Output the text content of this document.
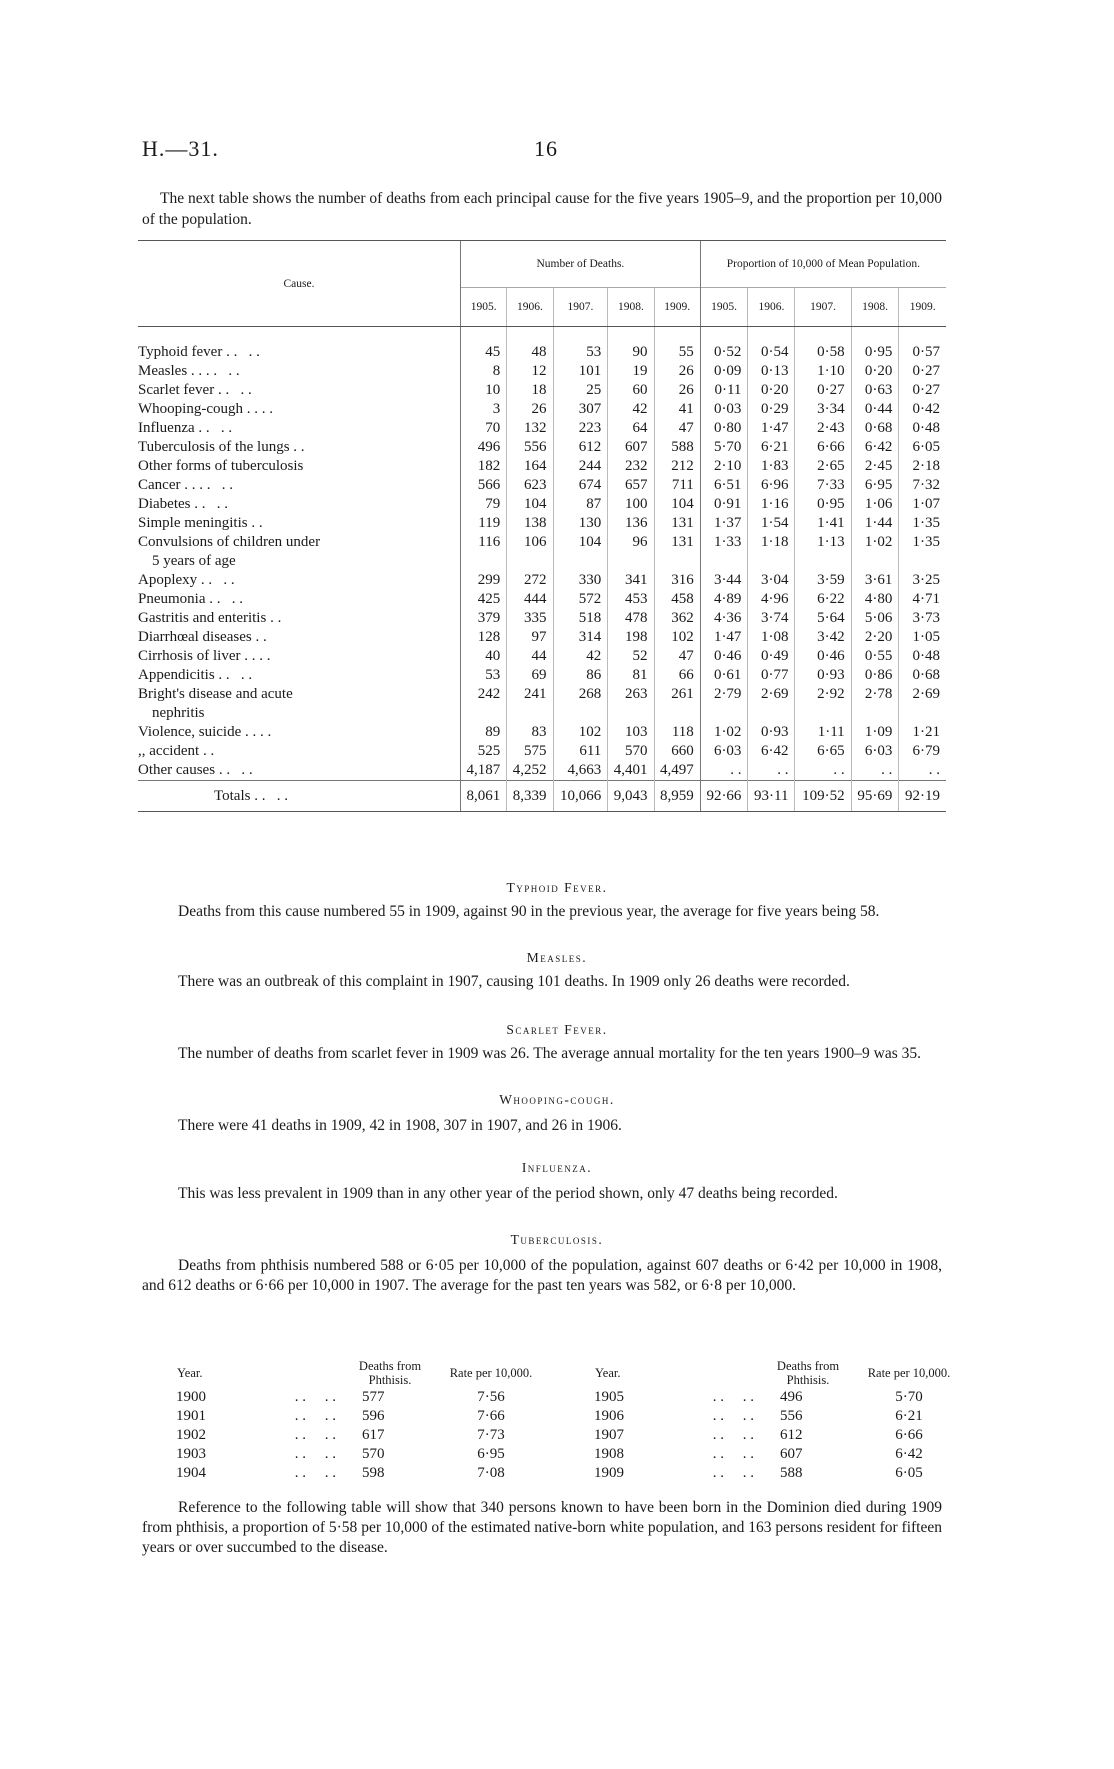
H.—31.	16
The next table shows the number of deaths from each principal cause for the five years 1905–9, and the proportion per 10,000 of the population.
Cause.	Number of Deaths.					Proportion of 10,000 of Mean Population.				
	1905.	1906.	1907.	1908.	1909.	1905.	1906.	1907.	1908.	1909.
Typhoid fever . .   . .	45	48	53	90	55	0·52	0·54	0·58	0·95	0·57
Measles . . . .   . .	8	12	101	19	26	0·09	0·13	1·10	0·20	0·27
Scarlet fever . .   . .	10	18	25	60	26	0·11	0·20	0·27	0·63	0·27
Whooping-cough . . . .	3	26	307	42	41	0·03	0·29	3·34	0·44	0·42
Influenza . .   . .	70	132	223	64	47	0·80	1·47	2·43	0·68	0·48
Tuberculosis of the lungs . .	496	556	612	607	588	5·70	6·21	6·66	6·42	6·05
Other forms of tuberculosis	182	164	244	232	212	2·10	1·83	2·65	2·45	2·18
Cancer . . . .   . .	566	623	674	657	711	6·51	6·96	7·33	6·95	7·32
Diabetes . .   . .	79	104	87	100	104	0·91	1·16	0·95	1·06	1·07
Simple meningitis . .	119	138	130	136	131	1·37	1·54	1·41	1·44	1·35
Convulsions of children under
5 years of age	116	106	104	96	131	1·33	1·18	1·13	1·02	1·35
Apoplexy . .   . .	299	272	330	341	316	3·44	3·04	3·59	3·61	3·25
Pneumonia . .   . .	425	444	572	453	458	4·89	4·96	6·22	4·80	4·71
Gastritis and enteritis . .	379	335	518	478	362	4·36	3·74	5·64	5·06	3·73
Diarrhœal diseases . .	128	97	314	198	102	1·47	1·08	3·42	2·20	1·05
Cirrhosis of liver . . . .	40	44	42	52	47	0·46	0·49	0·46	0·55	0·48
Appendicitis . .   . .	53	69	86	81	66	0·61	0·77	0·93	0·86	0·68
Bright's disease and acute
nephritis	242	241	268	263	261	2·79	2·69	2·92	2·78	2·69
Violence, suicide . . . .	89	83	102	103	118	1·02	0·93	1·11	1·09	1·21
,, accident . .	525	575	611	570	660	6·03	6·42	6·65	6·03	6·79
Other causes . .   . .	4,187	4,252	4,663	4,401	4,497	. .	. .	. .	. .	. .
Totals . .   . .	8,061	8,339	10,066	9,043	8,959	92·66	93·11	109·52	95·69	92·19
Typhoid Fever.
Deaths from this cause numbered 55 in 1909, against 90 in the previous year, the average for five years being 58.
Measles.
There was an outbreak of this complaint in 1907, causing 101 deaths. In 1909 only 26 deaths were recorded.
Scarlet Fever.
The number of deaths from scarlet fever in 1909 was 26. The average annual mortality for the ten years 1900–9 was 35.
Whooping-cough.
There were 41 deaths in 1909, 42 in 1908, 307 in 1907, and 26 in 1906.
Influenza.
This was less prevalent in 1909 than in any other year of the period shown, only 47 deaths being recorded.
Tuberculosis.
Deaths from phthisis numbered 588 or 6·05 per 10,000 of the population, against 607 deaths or 6·42 per 10,000 in 1908, and 612 deaths or 6·66 per 10,000 in 1907. The average for the past ten years was 582, or 6·8 per 10,000.
Year.		Deaths from Phthisis.	Rate per 10,000.		Year.		Deaths from Phthisis.	Rate per 10,000.
1900	. .     . .	577	7·56		1905	. .     . .	496	5·70
1901	. .     . .	596	7·66		1906	. .     . .	556	6·21
1902	. .     . .	617	7·73		1907	. .     . .	612	6·66
1903	. .     . .	570	6·95		1908	. .     . .	607	6·42
1904	. .     . .	598	7·08		1909	. .     . .	588	6·05
Reference to the following table will show that 340 persons known to have been born in the Dominion died during 1909 from phthisis, a proportion of 5·58 per 10,000 of the estimated native-born white population, and 163 persons resident for fifteen years or over succumbed to the disease.
